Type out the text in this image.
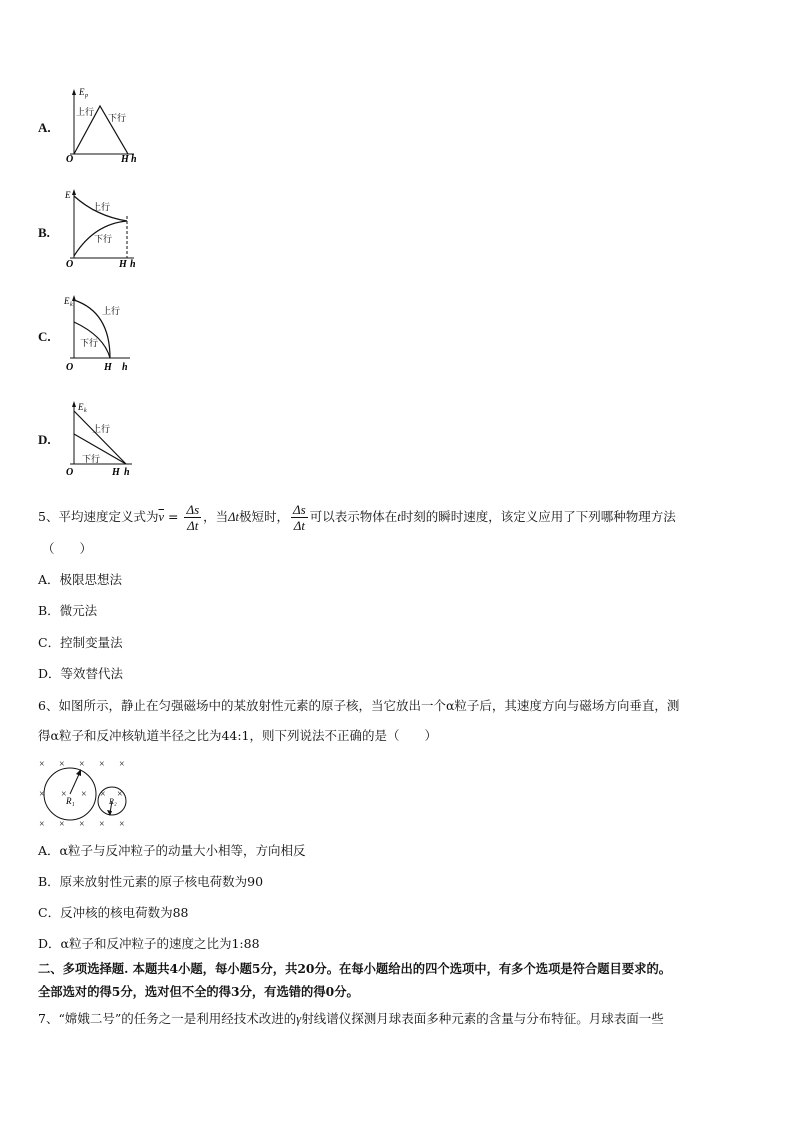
A.
E p
上行
下行
O	H h
B.
E
上行
下行
O	H h
C.
E k
上行
下行
O	H h
D.
E k
上行
下行
O	H h
5、平均速度定义式为$\overline{v} = \frac{\Delta s}{\Delta t}$ ，当Δt极短时， $\frac{\Delta s}{\Delta t}$ 可以表示物体在t时刻的瞬时速度，该定义应用了下列哪种物理方法
（　　）
A．极限思想法
B．微元法
C．控制变量法
D．等效替代法
6、如图所示，静止在匀强磁场中的某放射性元素的原子核，当它放出一个α粒子后，其速度方向与磁场方向垂直，测
得α粒子和反冲核轨道半径之比为44:1，则下列说法不正确的是（　　）
× × × × ×
× × × × ×
× × × × ×
R₁	R₂
A．α粒子与反冲粒子的动量大小相等，方向相反
B．原来放射性元素的原子核电荷数为90
C．反冲核的核电荷数为88
D．α粒子和反冲粒子的速度之比为1:88
二、多项选择题. 本题共4小题，每小题5分，共20分。在每小题给出的四个选项中，有多个选项是符合题目要求的。
全部选对的得5分，选对但不全的得3分，有选错的得0分。
7、“嫦娥二号”的任务之一是利用经技术改进的γ射线谱仪探测月球表面多种元素的含量与分布特征。月球表面一些
